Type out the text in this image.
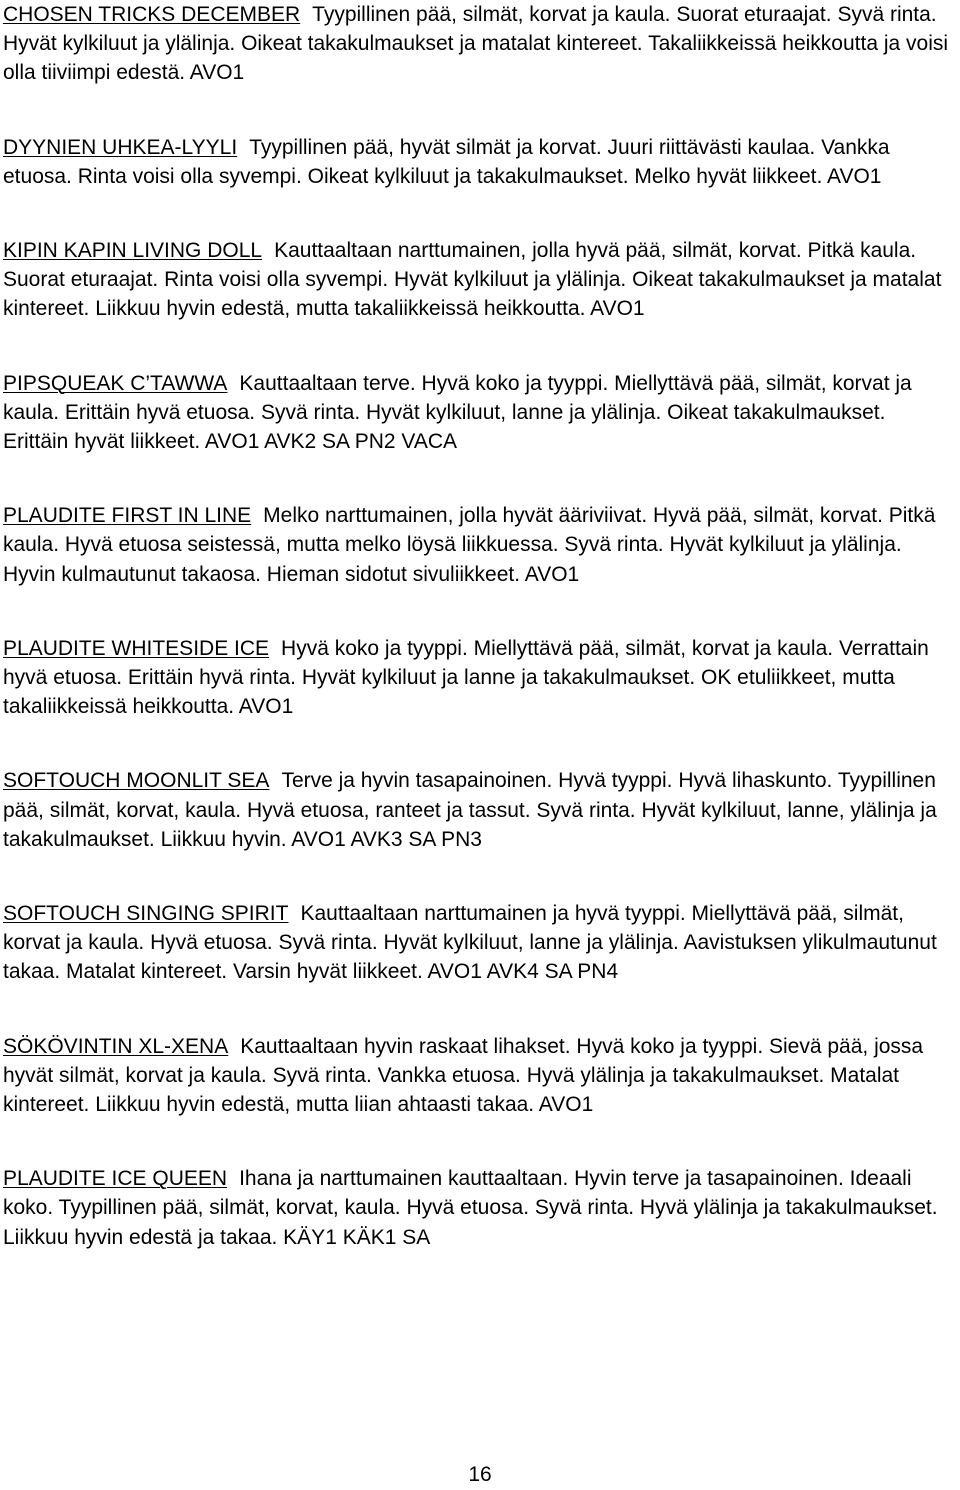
CHOSEN TRICKS DECEMBER Tyypillinen pää, silmät, korvat ja kaula. Suorat eturaajat. Syvä rinta. Hyvät kylkiluut ja ylälinja. Oikeat takakulmaukset ja matalat kintereet. Takaliikkeissä heikkoutta ja voisi olla tiiviimpi edestä. AVO1

DYYNIEN UHKEA-LYYLI Tyypillinen pää, hyvät silmät ja korvat. Juuri riittävästi kaulaa. Vankka etuosa. Rinta voisi olla syvempi. Oikeat kylkiluut ja takakulmaukset. Melko hyvät liikkeet. AVO1

KIPIN KAPIN LIVING DOLL Kauttaaltaan narttumainen, jolla hyvä pää, silmät, korvat. Pitkä kaula. Suorat eturaajat. Rinta voisi olla syvempi. Hyvät kylkiluut ja ylälinja. Oikeat takakulmaukset ja matalat kintereet. Liikkuu hyvin edestä, mutta takaliikkeissä heikkoutta. AVO1

PIPSQUEAK C’TAWWA Kauttaaltaan terve. Hyvä koko ja tyyppi. Miellyttävä pää, silmät, korvat ja kaula. Erittäin hyvä etuosa. Syvä rinta. Hyvät kylkiluut, lanne ja ylälinja. Oikeat takakulmaukset. Erittäin hyvät liikkeet. AVO1 AVK2 SA PN2 VACA

PLAUDITE FIRST IN LINE Melko narttumainen, jolla hyvät ääriviivat. Hyvä pää, silmät, korvat. Pitkä kaula. Hyvä etuosa seistessä, mutta melko löysä liikkuessa. Syvä rinta. Hyvät kylkiluut ja ylälinja. Hyvin kulmautunut takaosa. Hieman sidotut sivuliikkeet. AVO1

PLAUDITE WHITESIDE ICE Hyvä koko ja tyyppi. Miellyttävä pää, silmät, korvat ja kaula. Verrattain hyvä etuosa. Erittäin hyvä rinta. Hyvät kylkiluut ja lanne ja takakulmaukset. OK etuliikkeet, mutta takaliikkeissä heikkoutta. AVO1

SOFTOUCH MOONLIT SEA Terve ja hyvin tasapainoinen. Hyvä tyyppi. Hyvä lihaskunto. Tyypillinen pää, silmät, korvat, kaula. Hyvä etuosa, ranteet ja tassut. Syvä rinta. Hyvät kylkiluut, lanne, ylälinja ja takakulmaukset. Liikkuu hyvin. AVO1 AVK3 SA PN3

SOFTOUCH SINGING SPIRIT Kauttaaltaan narttumainen ja hyvä tyyppi. Miellyttävä pää, silmät, korvat ja kaula. Hyvä etuosa. Syvä rinta. Hyvät kylkiluut, lanne ja ylälinja. Aavistuksen ylikulmautunut takaa. Matalat kintereet. Varsin hyvät liikkeet. AVO1 AVK4 SA PN4

SÖKÖVINTIN XL-XENA Kauttaaltaan hyvin raskaat lihakset. Hyvä koko ja tyyppi. Sievä pää, jossa hyvät silmät, korvat ja kaula. Syvä rinta. Vankka etuosa. Hyvä ylälinja ja takakulmaukset. Matalat kintereet. Liikkuu hyvin edestä, mutta liian ahtaasti takaa. AVO1

PLAUDITE ICE QUEEN Ihana ja narttumainen kauttaaltaan. Hyvin terve ja tasapainoinen. Ideaali koko. Tyypillinen pää, silmät, korvat, kaula. Hyvä etuosa. Syvä rinta. Hyvä ylälinja ja takakulmaukset. Liikkuu hyvin edestä ja takaa. KÄY1 KÄK1 SA

16
